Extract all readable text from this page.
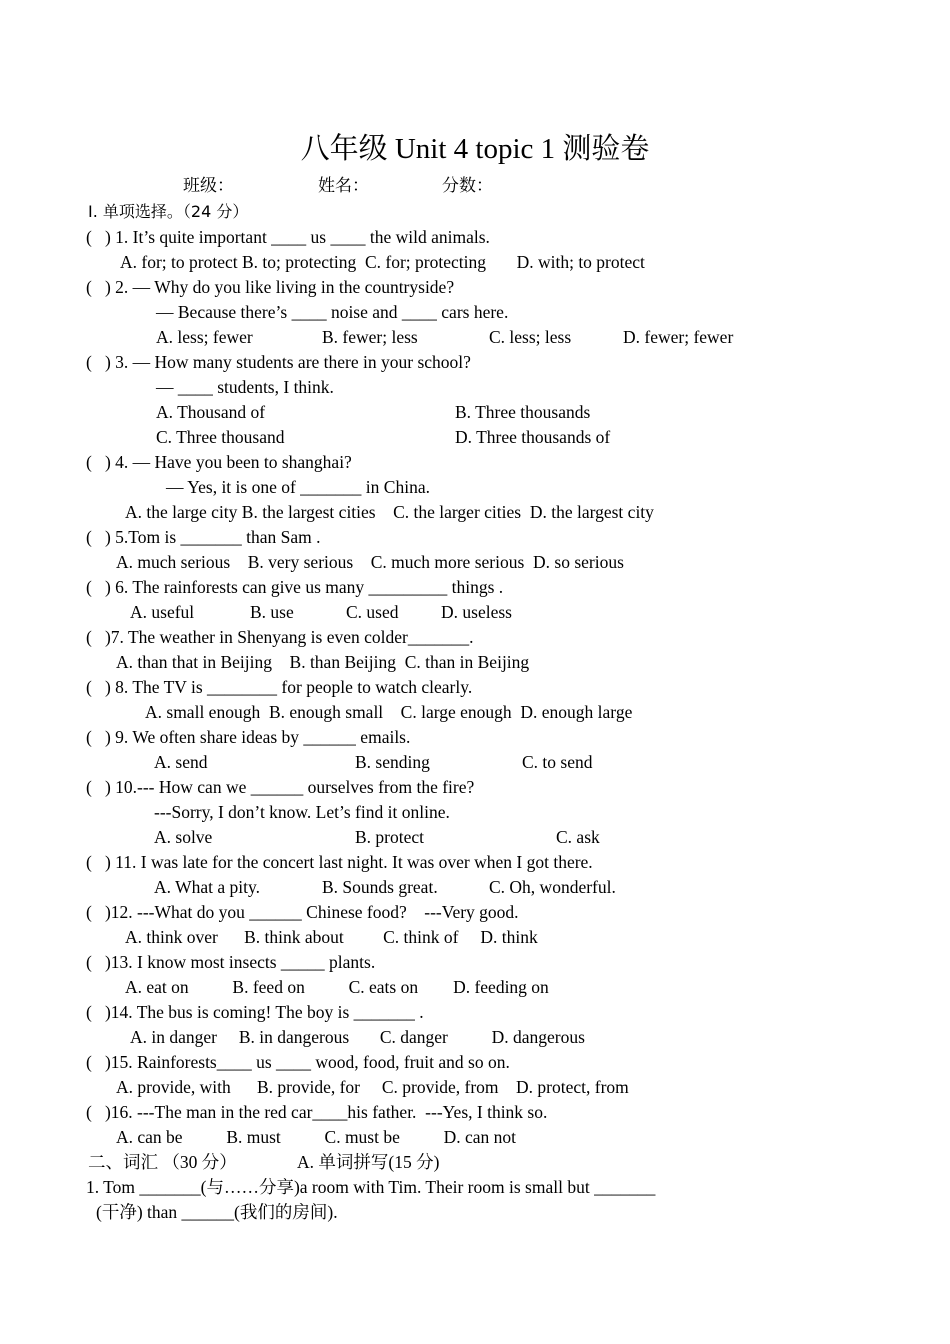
八年级 Unit 4 topic 1 测验卷
班级：	姓名：	分数：
Ⅰ. 单项选择。（24 分）
(   ) 1. It’s quite important ____ us ____ the wild animals.
A. for; to protect B. to; protecting  C. for; protecting       D. with; to protect
(   ) 2. — Why do you like living in the countryside?
— Because there’s ____ noise and ____ cars here.
A. less; fewer	B. fewer; less	C. less; less	D. fewer; fewer
(   ) 3. — How many students are there in your school?
— ____ students, I think.
A. Thousand of	B. Three thousands
C. Three thousand	D. Three thousands of
(   ) 4. — Have you been to shanghai?
— Yes, it is one of _______ in China.
A. the large city B. the largest cities    C. the larger cities  D. the largest city
(   ) 5.Tom is _______ than Sam .
A. much serious    B. very serious    C. much more serious  D. so serious
(   ) 6. The rainforests can give us many _________ things .
A. useful	B. use	C. used D. useless
(   )7. The weather in Shenyang is even colder_______.
A. than that in Beijing    B. than Beijing  C. than in Beijing
(   ) 8. The TV is ________ for people to watch clearly.
A. small enough  B. enough small    C. large enough  D. enough large
(   ) 9. We often share ideas by ______ emails.
A. send	B. sending	C. to send
(   ) 10.--- How can we ______ ourselves from the fire?
---Sorry, I don’t know. Let’s find it online.
A. solve	B. protect	C. ask
(   ) 11. I was late for the concert last night. It was over when I got there.
A. What a pity.	B. Sounds great.	C. Oh, wonderful.
(   )12. ---What do you ______ Chinese food?    ---Very good.
A. think over      B. think about         C. think of     D. think
(   )13. I know most insects _____ plants.
A. eat on          B. feed on          C. eats on        D. feeding on
(   )14. The bus is coming! The boy is _______ .
A. in danger     B. in dangerous       C. danger          D. dangerous
(   )15. Rainforests____ us ____ wood, food, fruit and so on.
A. provide, with      B. provide, for     C. provide, from    D. protect, from
(   )16. ---The man in the red car____his father.  ---Yes, I think so.
A. can be          B. must          C. must be          D. can not
二、词汇 （30 分）	A. 单词拼写(15 分)
1. Tom _______(与……分享)a room with Tim. Their room is small but _______
(干净) than ______(我们的房间).
